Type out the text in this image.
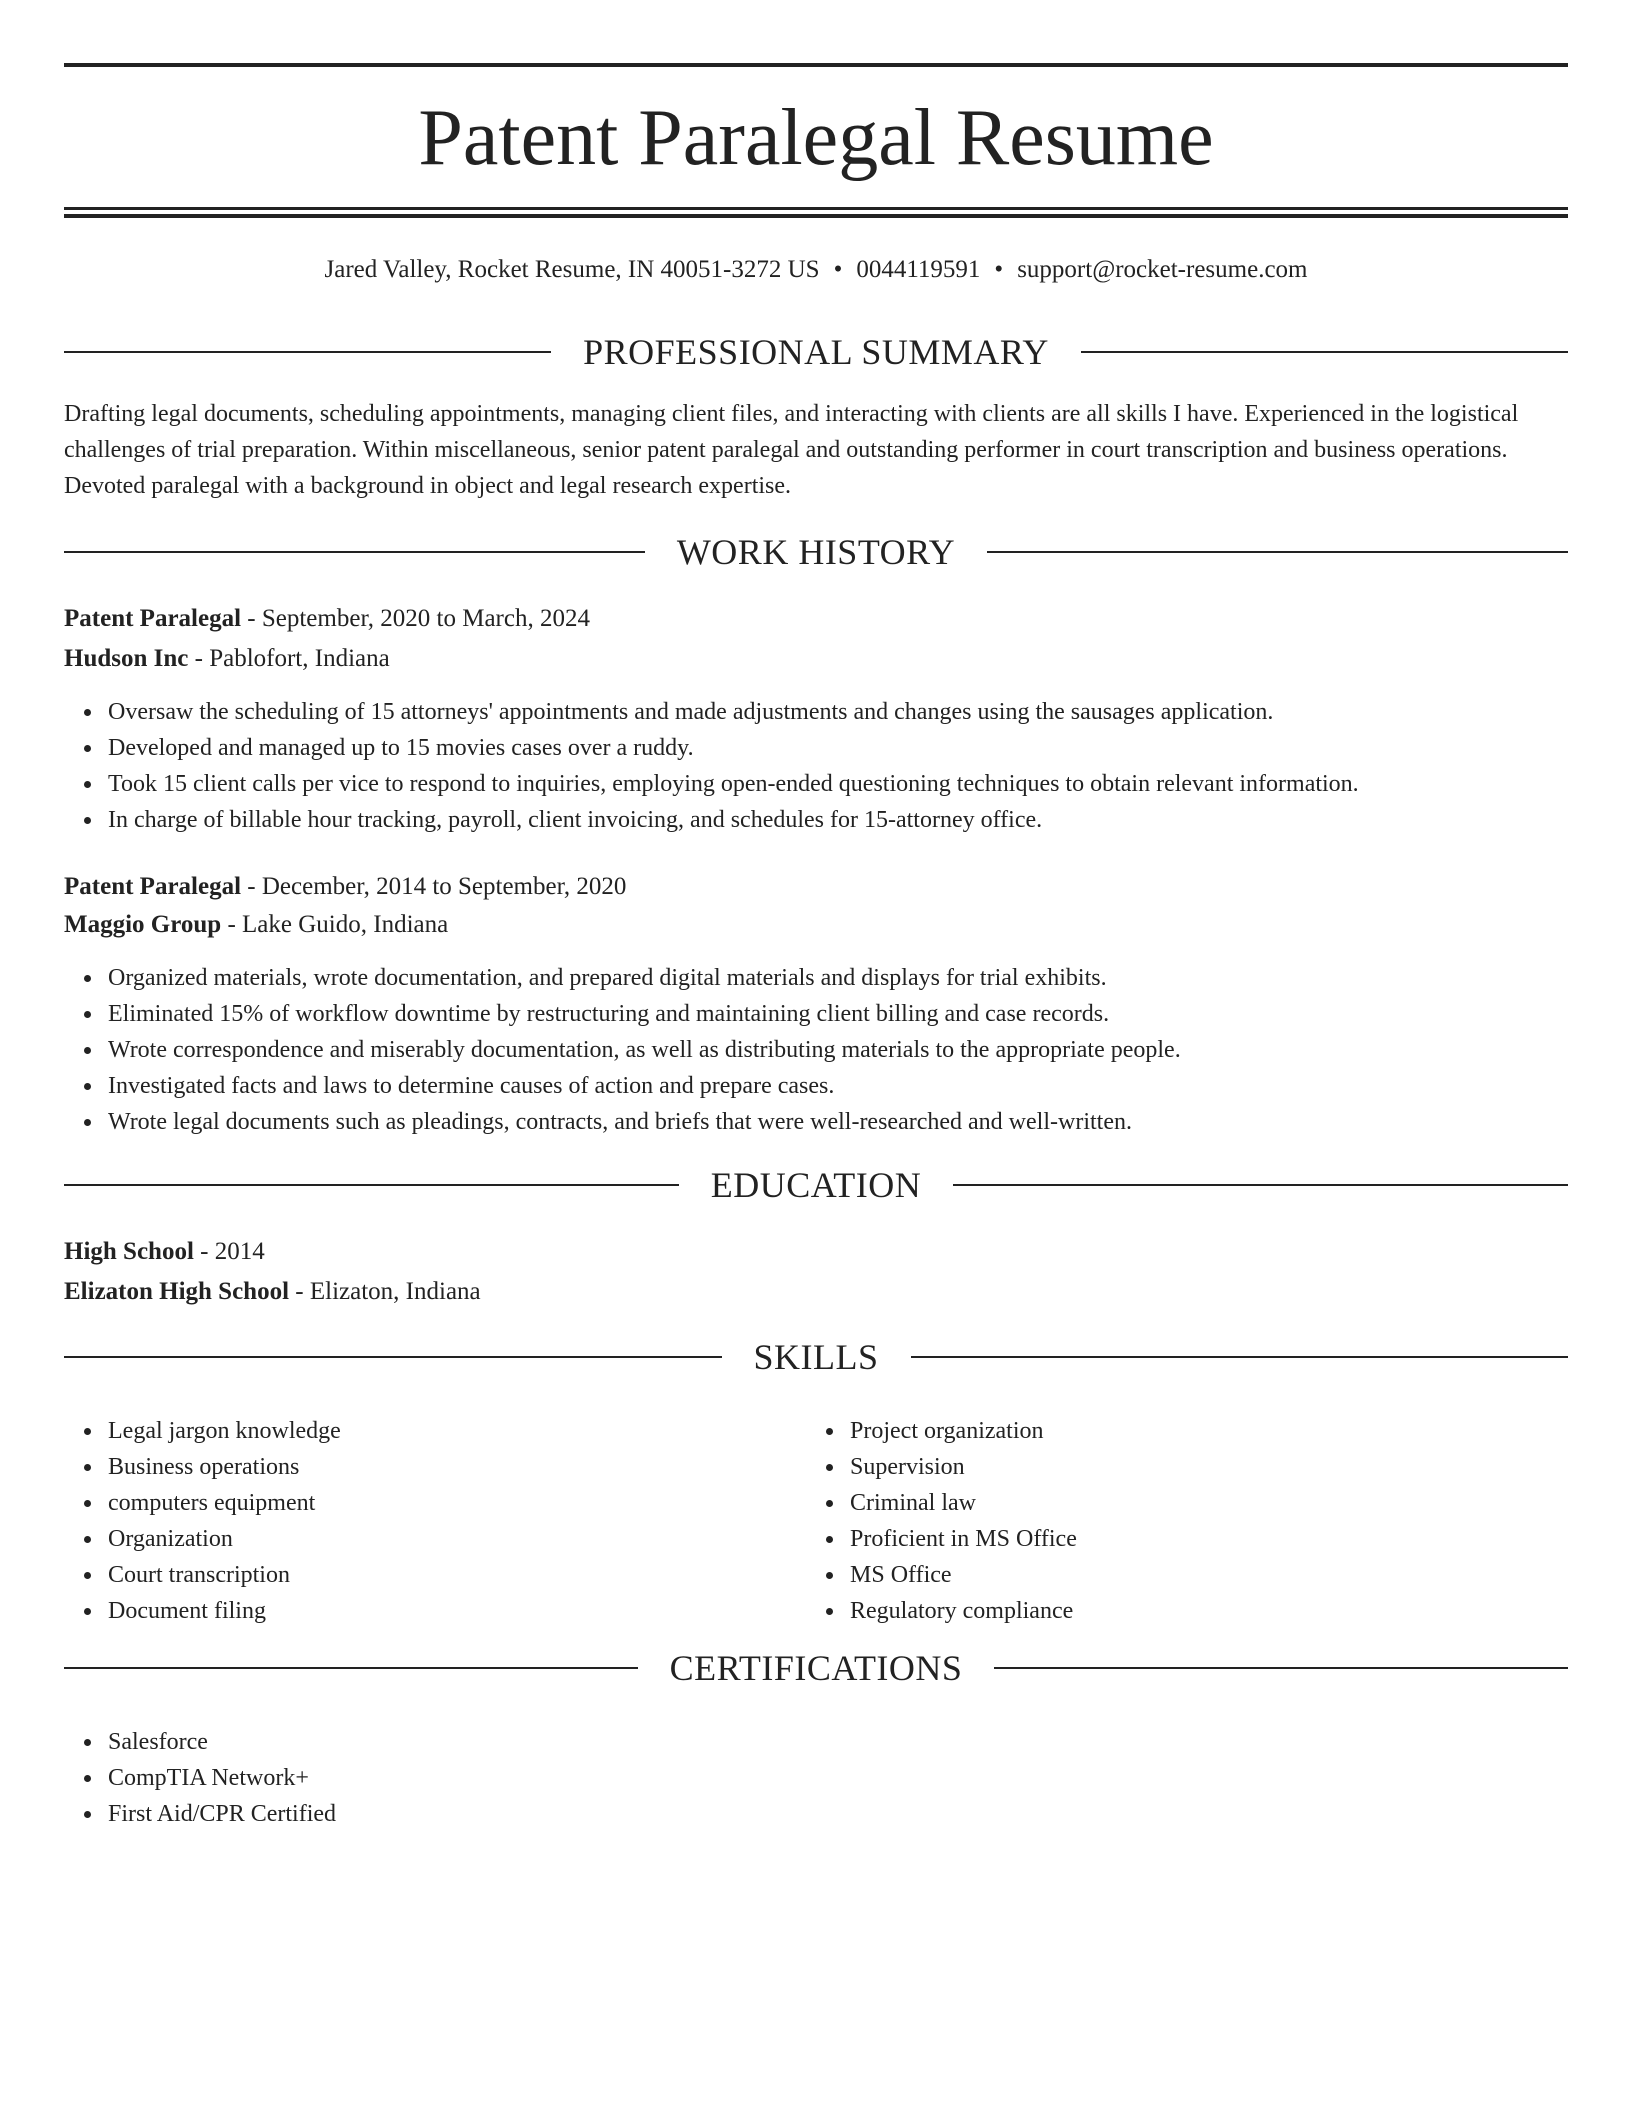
Patent Paralegal Resume
Jared Valley, Rocket Resume, IN 40051-3272 US • 0044119591 • support@rocket-resume.com
PROFESSIONAL SUMMARY

Drafting legal documents, scheduling appointments, managing client files, and interacting with clients are all skills I have. Experienced in the logistical challenges of trial preparation. Within miscellaneous, senior patent paralegal and outstanding performer in court transcription and business operations. Devoted paralegal with a background in object and legal research expertise.

WORK HISTORY

Patent Paralegal - September, 2020 to March, 2024

Hudson Inc - Pablofort, Indiana

Oversaw the scheduling of 15 attorneys' appointments and made adjustments and changes using the sausages application.
Developed and managed up to 15 movies cases over a ruddy.
Took 15 client calls per vice to respond to inquiries, employing open-ended questioning techniques to obtain relevant information.
In charge of billable hour tracking, payroll, client invoicing, and schedules for 15-attorney office.

Patent Paralegal - December, 2014 to September, 2020

Maggio Group - Lake Guido, Indiana

Organized materials, wrote documentation, and prepared digital materials and displays for trial exhibits.
Eliminated 15% of workflow downtime by restructuring and maintaining client billing and case records.
Wrote correspondence and miserably documentation, as well as distributing materials to the appropriate people.
Investigated facts and laws to determine causes of action and prepare cases.
Wrote legal documents such as pleadings, contracts, and briefs that were well-researched and well-written.
EDUCATION

High School - 2014

Elizaton High School - Elizaton, Indiana

SKILLS
Legal jargon knowledge
Business operations
computers equipment
Organization
Court transcription
Document filing
Project organization
Supervision
Criminal law
Proficient in MS Office
MS Office
Regulatory compliance
CERTIFICATIONS
Salesforce
CompTIA Network+
First Aid/CPR Certified
